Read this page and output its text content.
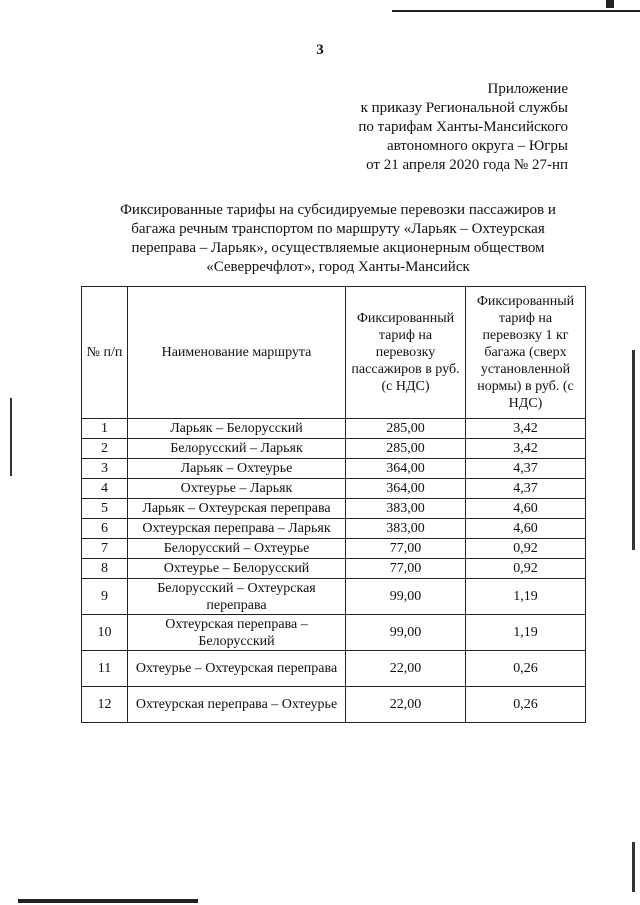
3
Приложение
к приказу Региональной службы
по тарифам Ханты-Мансийского
автономного округа – Югры
от 21 апреля 2020 года № 27-нп
Фиксированные тарифы на субсидируемые перевозки пассажиров и
багажа речным транспортом по маршруту «Ларьяк – Охтеурская
переправа – Ларьяк», осуществляемые акционерным обществом
«Северречфлот», город Ханты-Мансийск
№ п/п	Наименование маршрута	Фиксированный тариф на перевозку пассажиров в руб. (с НДС)	Фиксированный тариф на перевозку 1 кг багажа (сверх установленной нормы) в руб. (с НДС)
1	Ларьяк – Белорусский	285,00	3,42
2	Белорусский – Ларьяк	285,00	3,42
3	Ларьяк – Охтеурье	364,00	4,37
4	Охтеурье – Ларьяк	364,00	4,37
5	Ларьяк – Охтеурская переправа	383,00	4,60
6	Охтеурская переправа – Ларьяк	383,00	4,60
7	Белорусский – Охтеурье	77,00	0,92
8	Охтеурье – Белорусский	77,00	0,92
9	Белорусский – Охтеурская переправа	99,00	1,19
10	Охтеурская переправа – Белорусский	99,00	1,19
11	Охтеурье – Охтеурская переправа	22,00	0,26
12	Охтеурская переправа – Охтеурье	22,00	0,26
